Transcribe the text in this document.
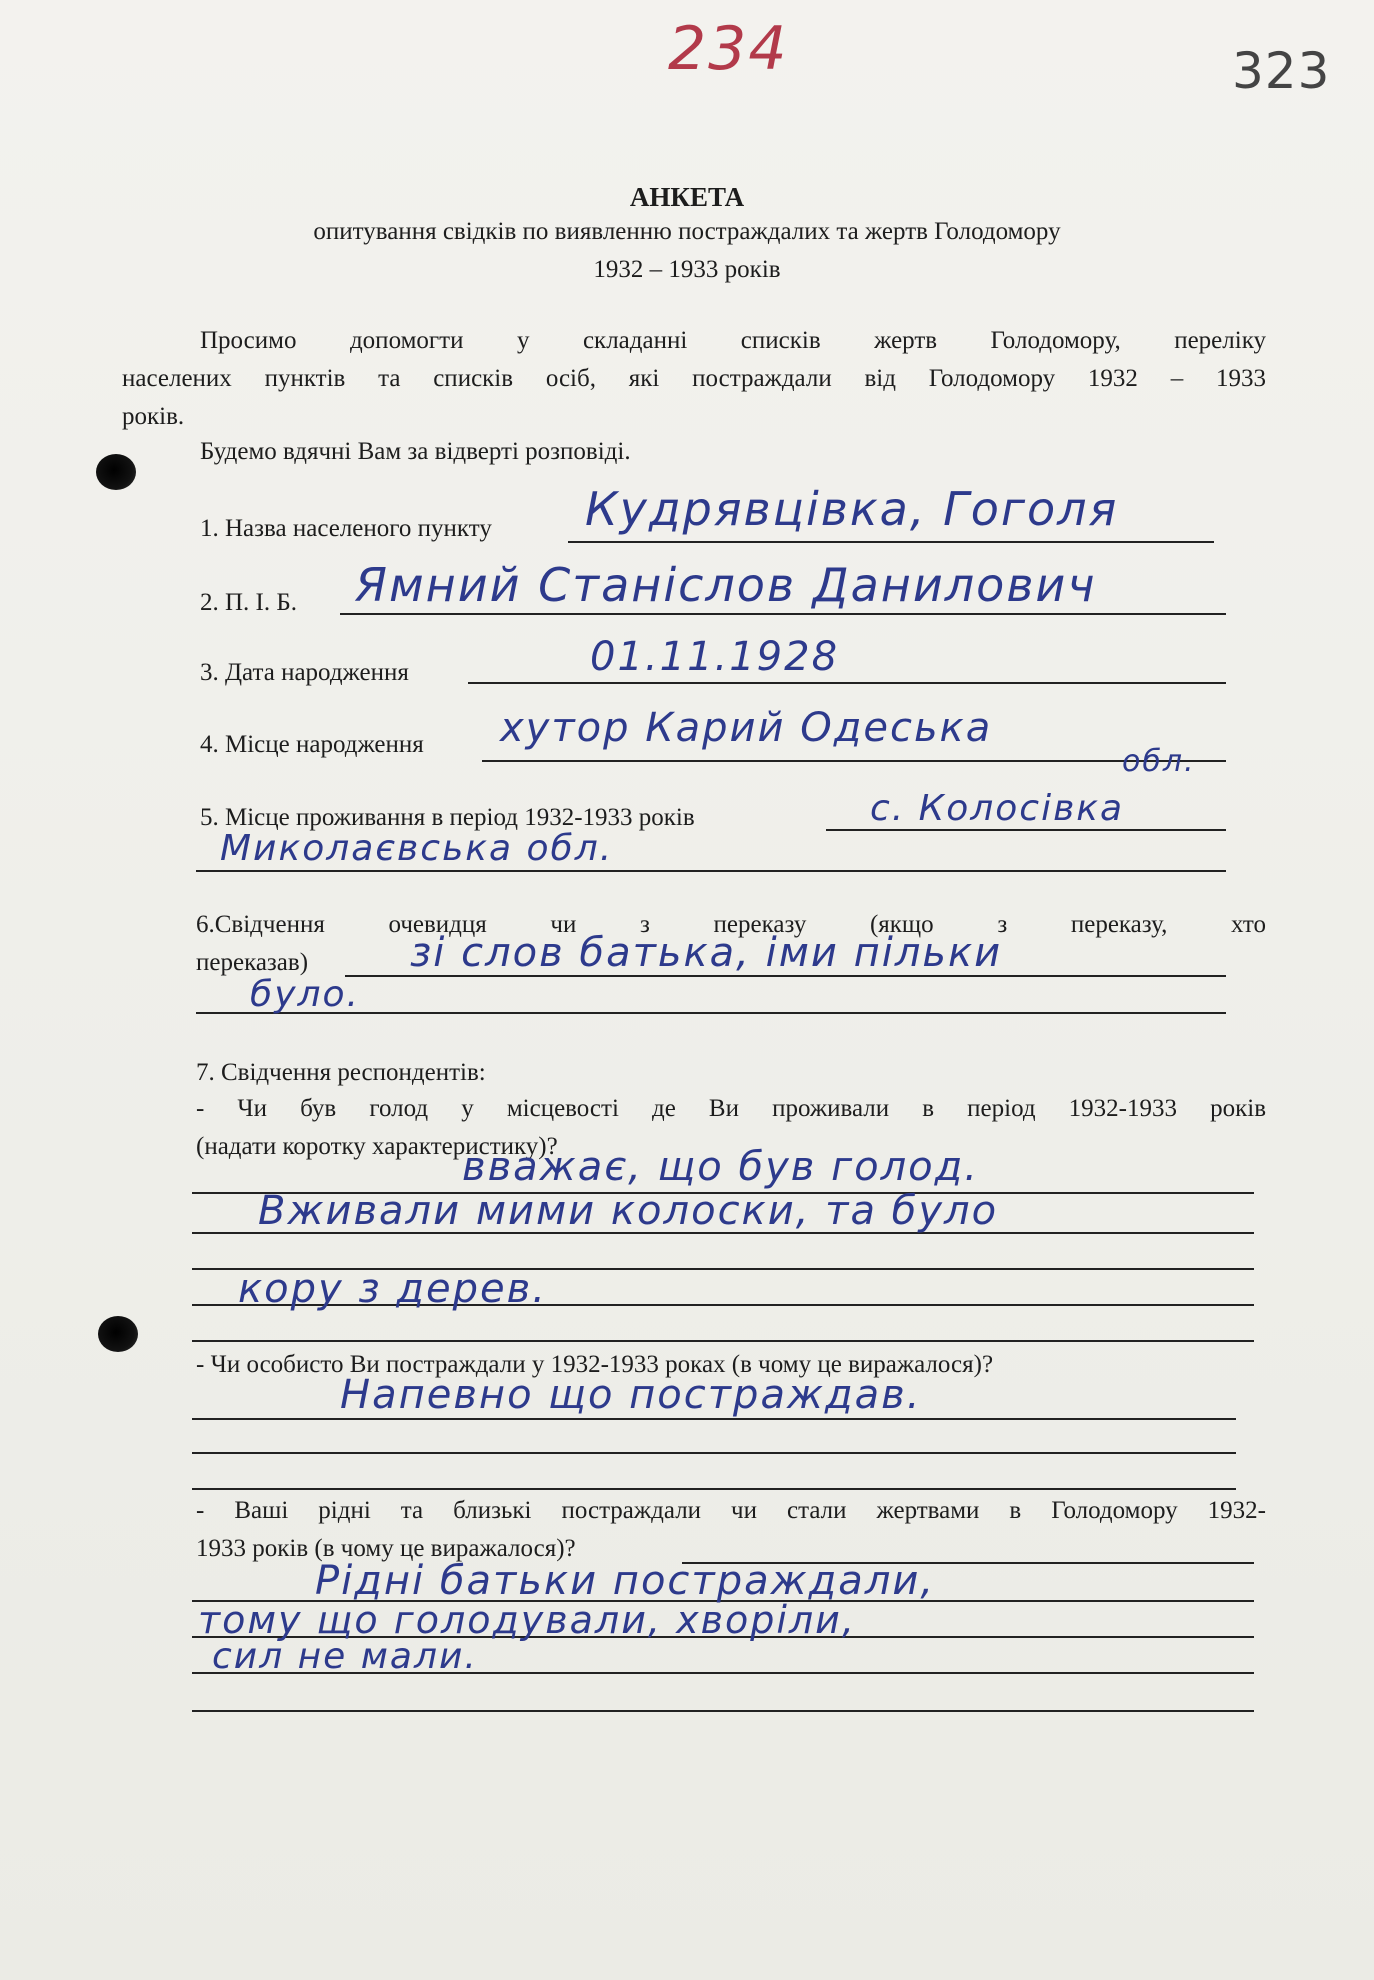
234	323
АНКЕТА
опитування свідків по виявленню постраждалих та жертв Голодомору
1932 – 1933 років
Просимо допомогти у складанні списків жертв Голодомору, переліку
населених пунктів та списків осіб, які постраждали від Голодомору 1932 – 1933
років.
Будемо вдячні Вам за відверті розповіді.
1. Назва населеного пункту Кудрявцівка, Гоголя
2. П. І. Б. Ямний Станіслов Данилович
3. Дата народження	01.11.1928
4. Місце народження хутор Карий Одеська
обл.
5. Місце проживання в період 1932-1933 років	с. Колосівка
Миколаєвська обл.
6.Свідчення очевидця чи з переказу (якщо з переказу, хто
переказав)	зі слов батька, іми пільки
було.
7. Свідчення респондентів:
- Чи був голод у місцевості де Ви проживали в період 1932-1933 років
(надати коротку характеристику)?
вважає, що був голод.
Вживали мими колоски, та було
кору з дерев.
- Чи особисто Ви постраждали у 1932-1933 роках (в чому це виражалося)?
Напевно що постраждав.
- Ваші рідні та близькі постраждали чи стали жертвами в Голодомору 1932-
1933 років (в чому це виражалося)?
Рідні батьки постраждали,
тому що голодували, хворіли,
сил не мали.
